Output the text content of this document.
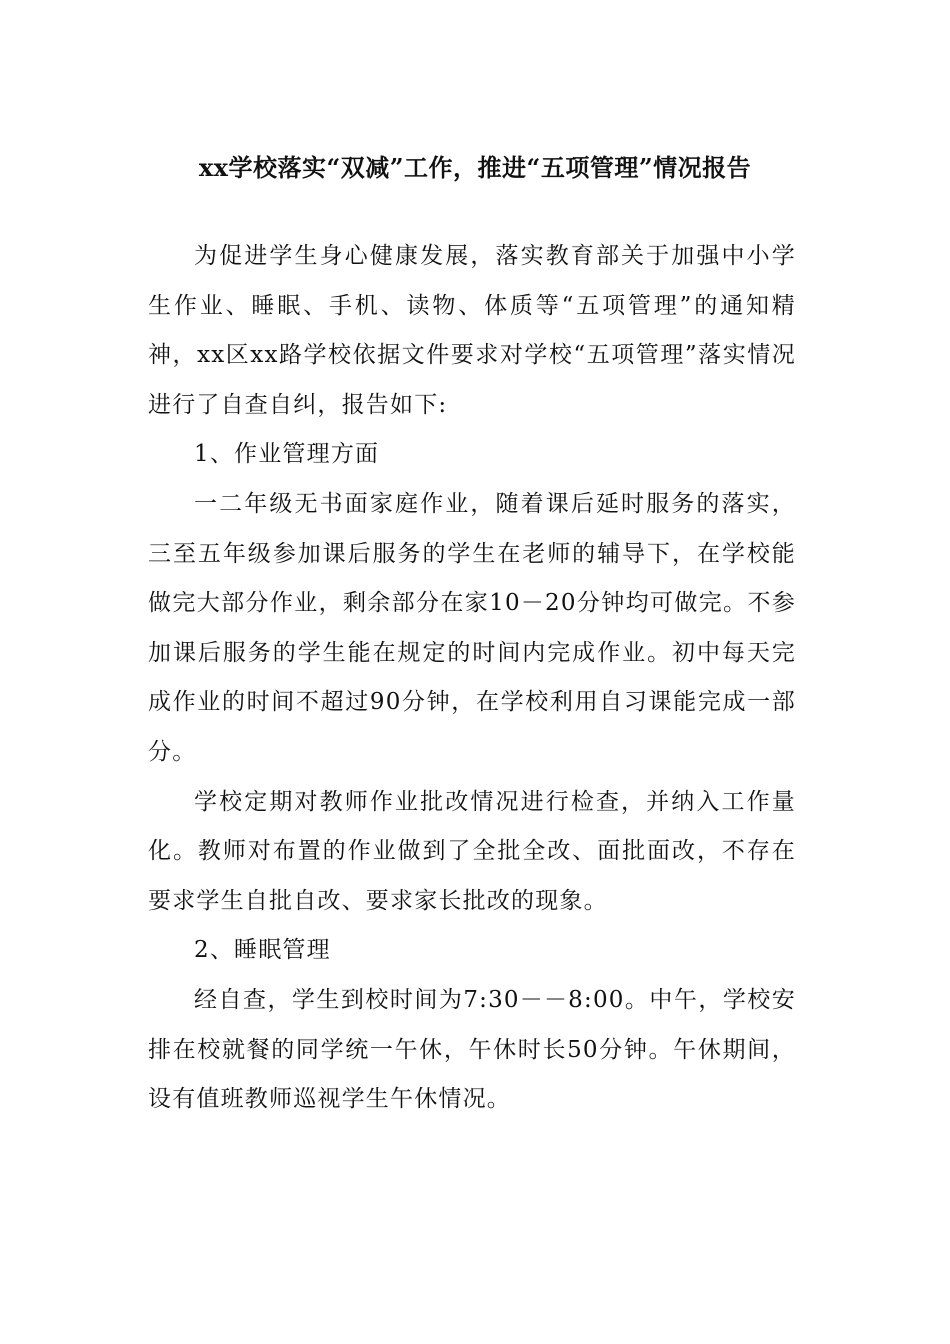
xx学校落实“双减”工作，推进“五项管理”情况报告

为促进学生身心健康发展，落实教育部关于加强中小学生作业、睡眠、手机、读物、体质等“五项管理”的通知精神，xx区xx路学校依据文件要求对学校“五项管理”落实情况进行了自查自纠，报告如下:

1、作业管理方面

一二年级无书面家庭作业，随着课后延时服务的落实，三至五年级参加课后服务的学生在老师的辅导下，在学校能做完大部分作业，剩余部分在家10－20分钟均可做完。不参加课后服务的学生能在规定的时间内完成作业。初中每天完成作业的时间不超过90分钟，在学校利用自习课能完成一部分。

学校定期对教师作业批改情况进行检查，并纳入工作量化。教师对布置的作业做到了全批全改、面批面改，不存在要求学生自批自改、要求家长批改的现象。

2、睡眠管理

经自查，学生到校时间为7:30－－8:00。中午，学校安排在校就餐的同学统一午休，午休时长50分钟。午休期间，设有值班教师巡视学生午休情况。
